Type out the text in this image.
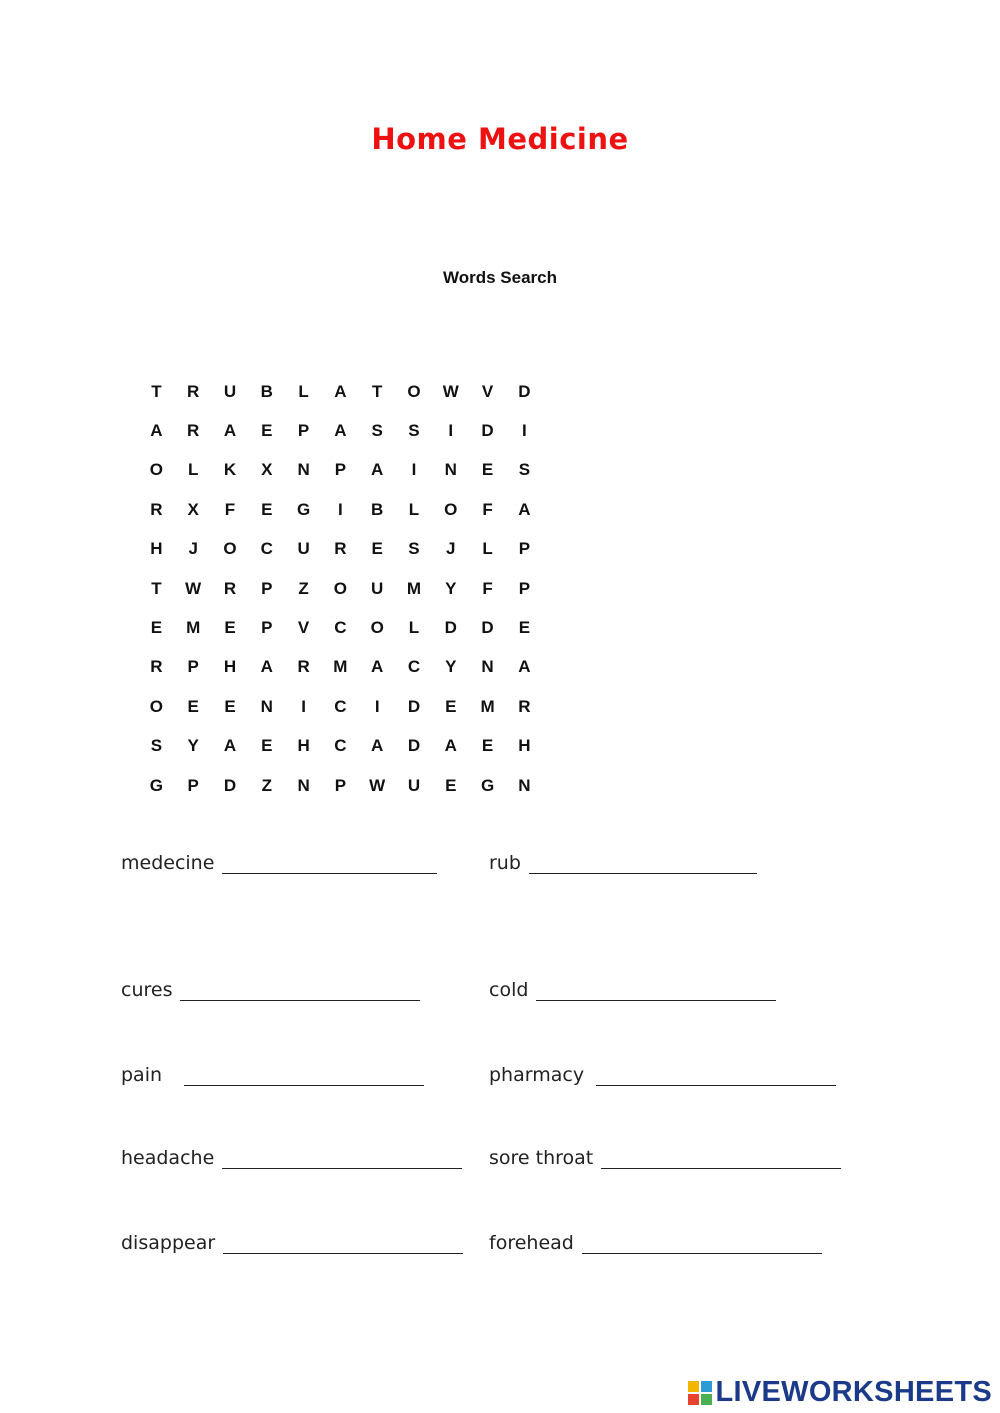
Home Medicine
Words Search
T	R	U	B	L	A	T	O	W	V	D
A	R	A	E	P	A	S	S	I	D	I
O	L	K	X	N	P	A	I	N	E	S
R	X	F	E	G	I	B	L	O	F	A
H	J	O	C	U	R	E	S	J	L	P
T	W	R	P	Z	O	U	M	Y	F	P
E	M	E	P	V	C	O	L	D	D	E
R	P	H	A	R	M	A	C	Y	N	A
O	E	E	N	I	C	I	D	E	M	R
S	Y	A	E	H	C	A	D	A	E	H
G	P	D	Z	N	P	W	U	E	G	N
medecine	rub
cures	cold
pain	pharmacy
headache	sore throat
disappear	forehead
LIVEWORKSHEETS
